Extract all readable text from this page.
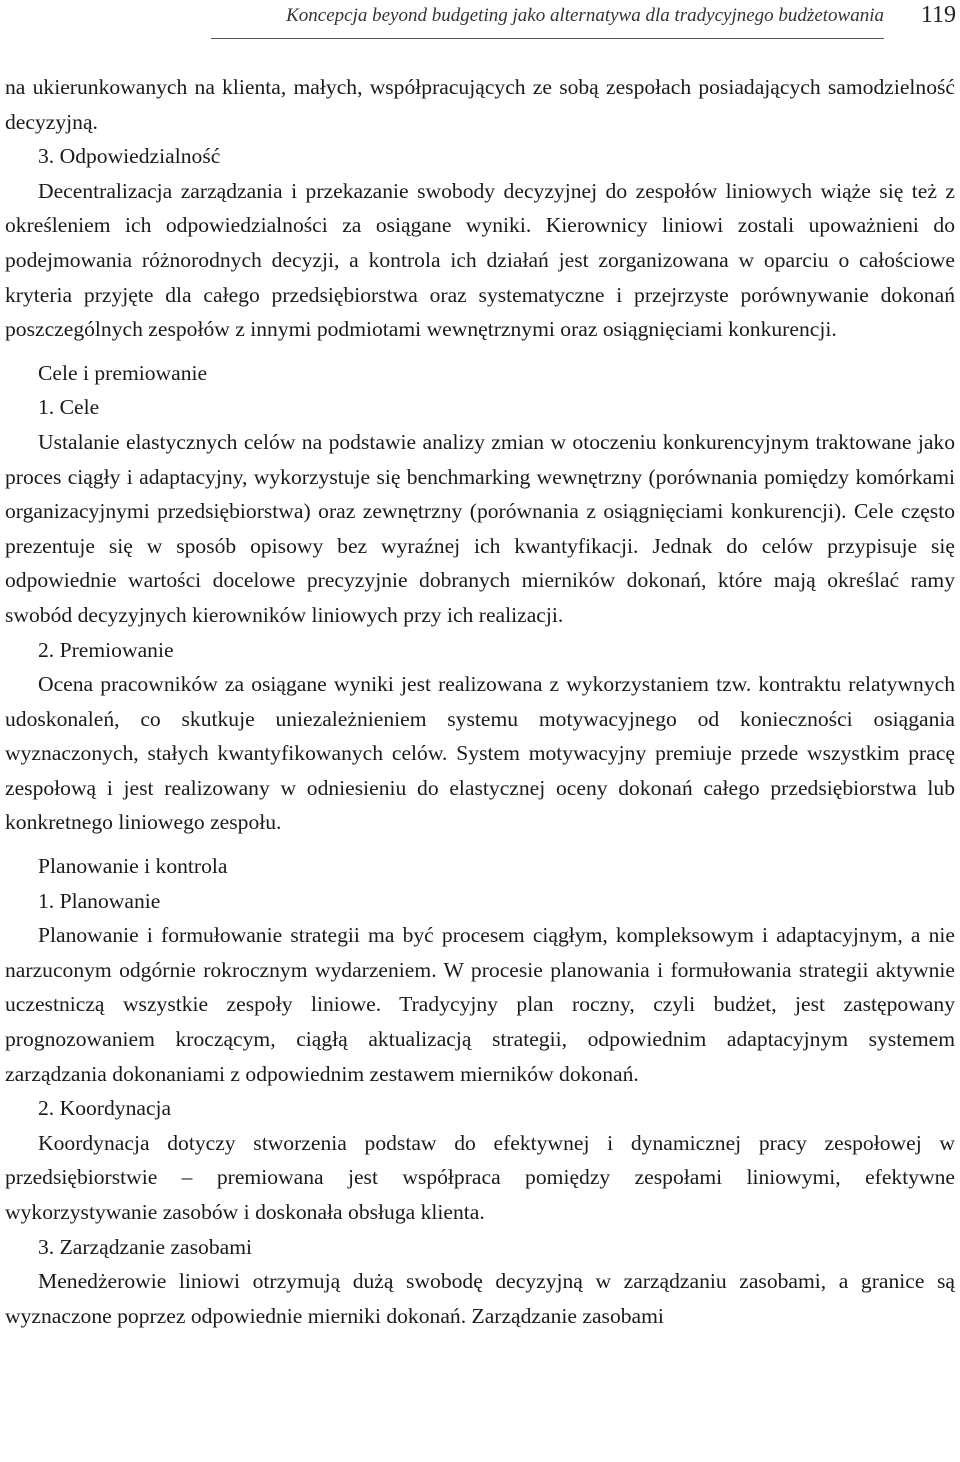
Koncepcja beyond budgeting jako alternatywa dla tradycyjnego budżetowania 119

na ukierunkowanych na klienta, małych, współpracujących ze sobą zespołach posiadających samodzielność decyzyjną.

3. Odpowiedzialność

Decentralizacja zarządzania i przekazanie swobody decyzyjnej do zespołów liniowych wiąże się też z określeniem ich odpowiedzialności za osiągane wyniki. Kierownicy liniowi zostali upoważnieni do podejmowania różnorodnych decyzji, a kontrola ich działań jest zorganizowana w oparciu o całościowe kryteria przyjęte dla całego przedsiębiorstwa oraz systematyczne i przejrzyste porównywanie dokonań poszczególnych zespołów z innymi podmiotami wewnętrznymi oraz osiągnięciami konkurencji.

Cele i premiowanie

1. Cele

Ustalanie elastycznych celów na podstawie analizy zmian w otoczeniu konkurencyjnym traktowane jako proces ciągły i adaptacyjny, wykorzystuje się benchmarking wewnętrzny (porównania pomiędzy komórkami organizacyjnymi przedsiębiorstwa) oraz zewnętrzny (porównania z osiągnięciami konkurencji). Cele często prezentuje się w sposób opisowy bez wyraźnej ich kwantyfikacji. Jednak do celów przypisuje się odpowiednie wartości docelowe precyzyjnie dobranych mierników dokonań, które mają określać ramy swobód decyzyjnych kierowników liniowych przy ich realizacji.

2. Premiowanie

Ocena pracowników za osiągane wyniki jest realizowana z wykorzystaniem tzw. kontraktu relatywnych udoskonaleń, co skutkuje uniezależnieniem systemu motywacyjnego od konieczności osiągania wyznaczonych, stałych kwantyfikowanych celów. System motywacyjny premiuje przede wszystkim pracę zespołową i jest realizowany w odniesieniu do elastycznej oceny dokonań całego przedsiębiorstwa lub konkretnego liniowego zespołu.

Planowanie i kontrola

1. Planowanie

Planowanie i formułowanie strategii ma być procesem ciągłym, kompleksowym i adaptacyjnym, a nie narzuconym odgórnie rokrocznym wydarzeniem. W procesie planowania i formułowania strategii aktywnie uczestniczą wszystkie zespoły liniowe. Tradycyjny plan roczny, czyli budżet, jest zastępowany prognozowaniem kroczącym, ciągłą aktualizacją strategii, odpowiednim adaptacyjnym systemem zarządzania dokonaniami z odpowiednim zestawem mierników dokonań.

2. Koordynacja

Koordynacja dotyczy stworzenia podstaw do efektywnej i dynamicznej pracy zespołowej w przedsiębiorstwie – premiowana jest współpraca pomiędzy zespołami liniowymi, efektywne wykorzystywanie zasobów i doskonała obsługa klienta.

3. Zarządzanie zasobami

Menedżerowie liniowi otrzymują dużą swobodę decyzyjną w zarządzaniu zasobami, a granice są wyznaczone poprzez odpowiednie mierniki dokonań. Zarządzanie zasobami
